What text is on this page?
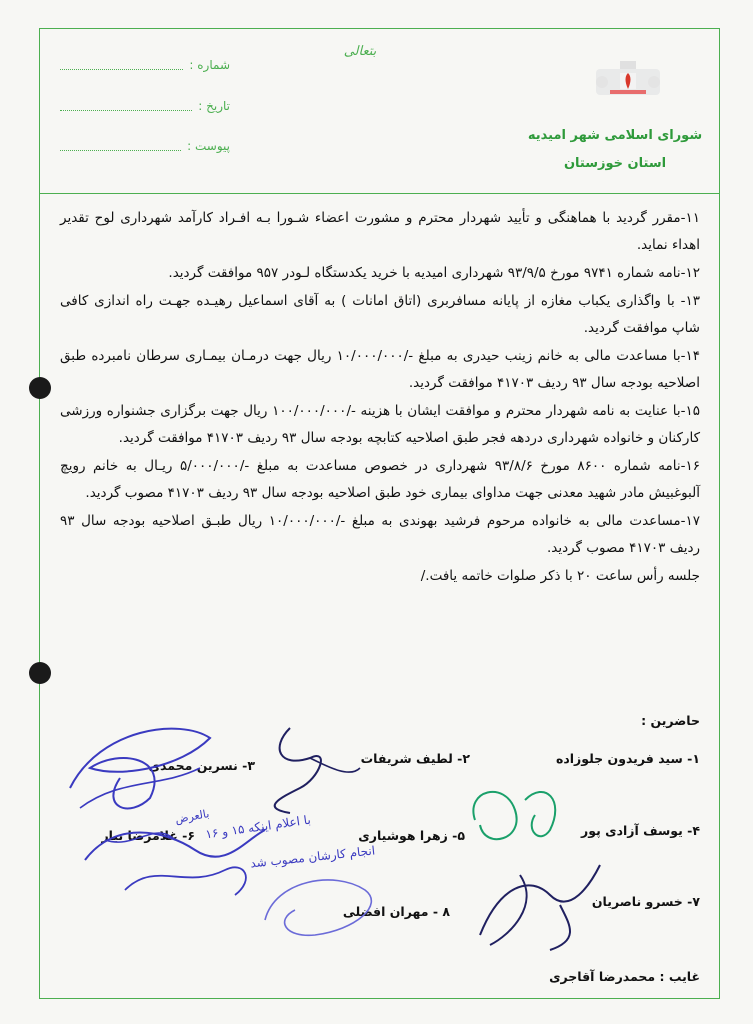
شماره :
تاریخ :
پیوست :
بتعالی
شورای اسلامی شهر امیدیه
استان خوزستان

۱۱-مقرر گردید با هماهنگی و تأیید شهردار محترم و مشورت اعضاء شـورا بـه افـراد کارآمد شهرداری لوح تقدیر اهداء نماید.

۱۲-نامه شماره ۹۷۴۱ مورخ ۹۳/۹/۵ شهرداری امیدیه با خرید یکدستگاه لـودر ۹۵۷ موافقت گردید.

۱۳- با واگذاری یکباب مغازه از پایانه مسافربری (اتاق امانات ) به آقای اسماعیل رهیـده جهـت راه اندازی کافی شاپ موافقت گردید.

۱۴-با مساعدت مالی به خانم زینب حیدری به مبلغ -/۱۰/۰۰۰/۰۰۰ ریال جهت درمـان بیمـاری سرطان نامبرده طبق اصلاحیه بودجه سال ۹۳ ردیف ۴۱۷۰۳ موافقت گردید.

۱۵-با عنایت به نامه شهردار محترم و موافقت ایشان با هزینه -/۱۰۰/۰۰۰/۰۰۰ ریال جهت برگزاری جشنواره ورزشی کارکنان و خانواده شهرداری دردهه فجر طبق اصلاحیه کتابچه بودجه سال ۹۳ ردیف ۴۱۷۰۳ موافقت گردید.

۱۶-نامه شماره ۸۶۰۰ مورخ ۹۳/۸/۶ شهرداری در خصوص مساعدت به مبلغ -/۵/۰۰۰/۰۰۰ ریـال به خانم رویچ آلبوغبیش مادر شهید معدنی جهت مداوای بیماری خود طبق اصلاحیه بودجه سال ۹۳ ردیف ۴۱۷۰۳ مصوب گردید.

۱۷-مساعدت مالی به خانواده مرحوم فرشید بهوندی به مبلغ -/۱۰/۰۰۰/۰۰۰ ریال طبـق اصلاحیه بودجه سال ۹۳ ردیف ۴۱۷۰۳ مصوب گردید.

جلسه رأس ساعت ۲۰ با ذکر صلوات خاتمه یافت./

حاضرین :
۱- سید فریدون جلوزاده
۲- لطیف شریفات
۳- نسرین محمدی
۴- یوسف آزادی پور
۵- زهرا هوشیاری
۶- غلامرضا نیار
۷- خسرو ناصریان
۸ - مهران افضلی
غایب : محمدرضا آقاجری
با اعلام اینکه ۱۵ و ۱۶
انجام کارشان مصوب شد
بالعرض
